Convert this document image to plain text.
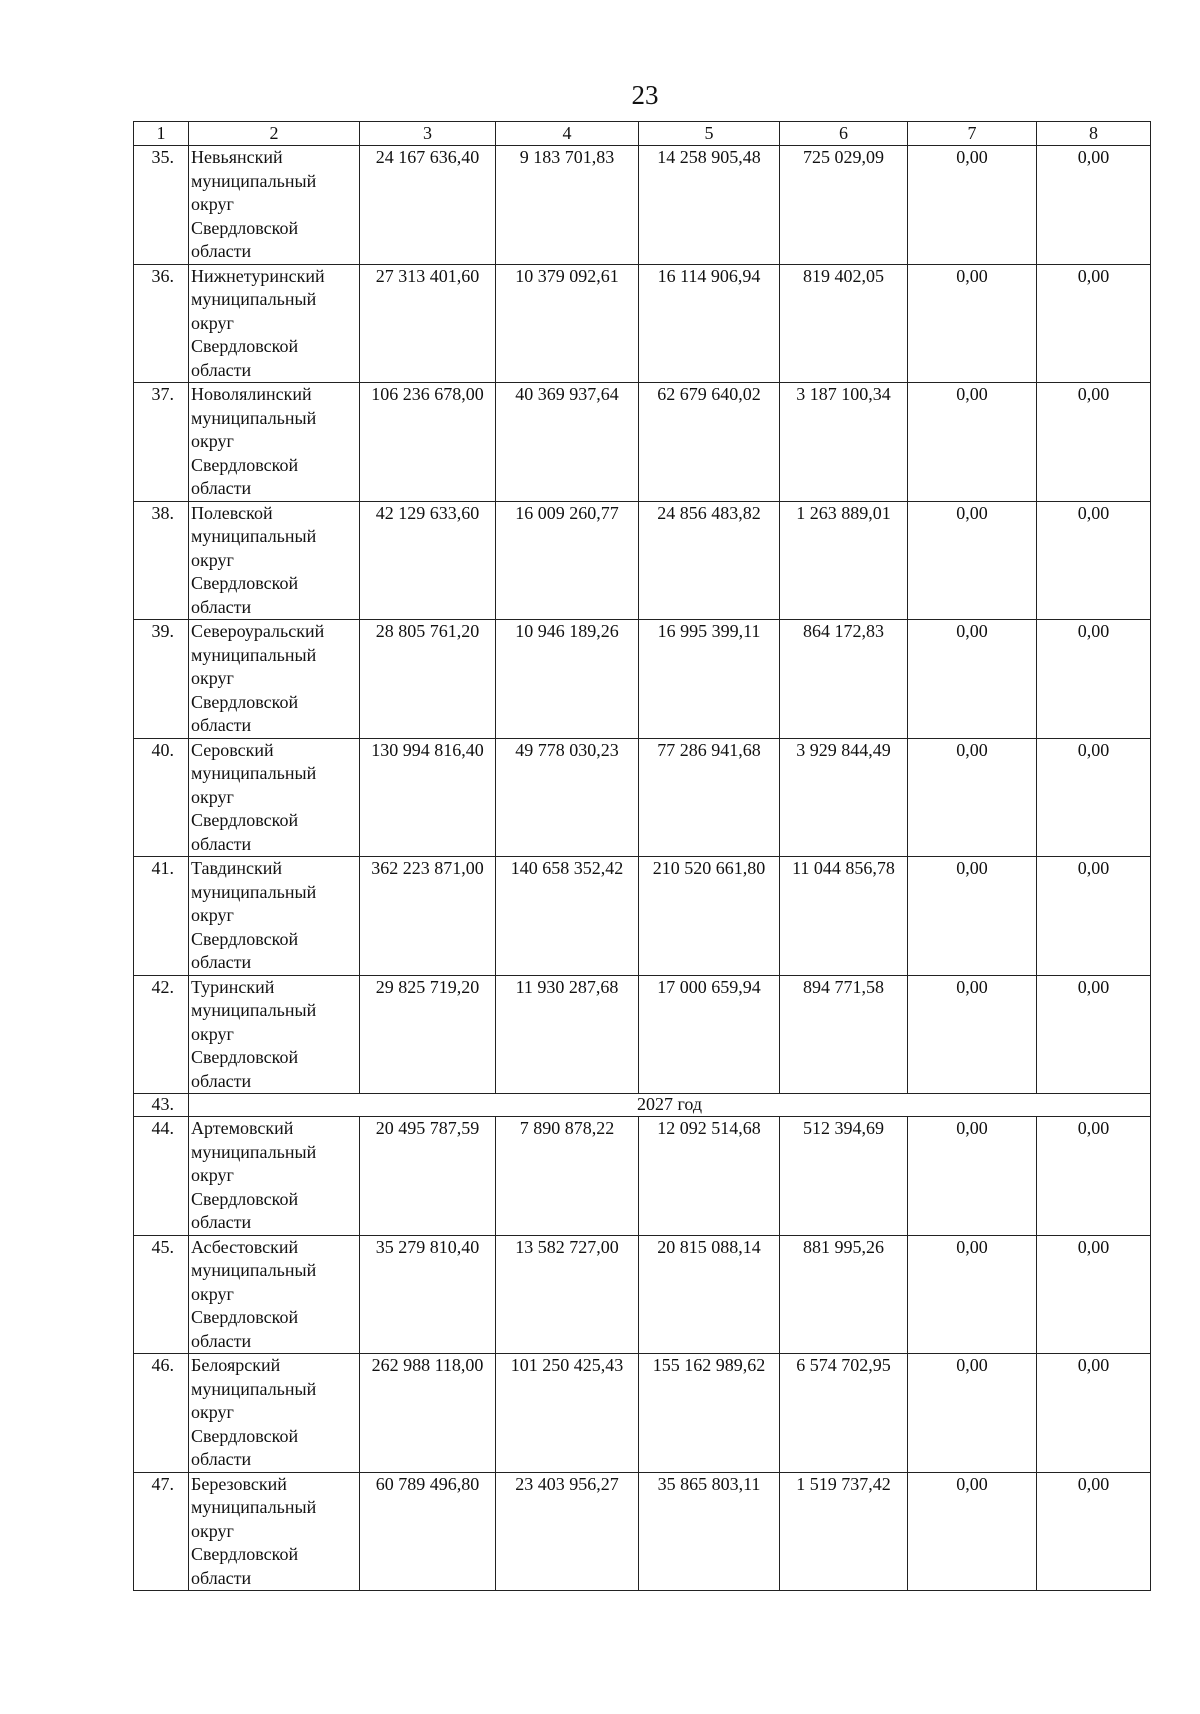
23
1	2	3	4	5	6	7	8
35.	Невьянский
муниципальный
округ
Свердловской
области	24 167 636,40	9 183 701,83	14 258 905,48	725 029,09	0,00	0,00
36.	Нижнетуринский
муниципальный
округ
Свердловской
области	27 313 401,60	10 379 092,61	16 114 906,94	819 402,05	0,00	0,00
37.	Новолялинский
муниципальный
округ
Свердловской
области	106 236 678,00	40 369 937,64	62 679 640,02	3 187 100,34	0,00	0,00
38.	Полевской
муниципальный
округ
Свердловской
области	42 129 633,60	16 009 260,77	24 856 483,82	1 263 889,01	0,00	0,00
39.	Североуральский
муниципальный
округ
Свердловской
области	28 805 761,20	10 946 189,26	16 995 399,11	864 172,83	0,00	0,00
40.	Серовский
муниципальный
округ
Свердловской
области	130 994 816,40	49 778 030,23	77 286 941,68	3 929 844,49	0,00	0,00
41.	Тавдинский
муниципальный
округ
Свердловской
области	362 223 871,00	140 658 352,42	210 520 661,80	11 044 856,78	0,00	0,00
42.	Туринский
муниципальный
округ
Свердловской
области	29 825 719,20	11 930 287,68	17 000 659,94	894 771,58	0,00	0,00
43.	2027 год						
44.	Артемовский
муниципальный
округ
Свердловской
области	20 495 787,59	7 890 878,22	12 092 514,68	512 394,69	0,00	0,00
45.	Асбестовский
муниципальный
округ
Свердловской
области	35 279 810,40	13 582 727,00	20 815 088,14	881 995,26	0,00	0,00
46.	Белоярский
муниципальный
округ
Свердловской
области	262 988 118,00	101 250 425,43	155 162 989,62	6 574 702,95	0,00	0,00
47.	Березовский
муниципальный
округ
Свердловской
области	60 789 496,80	23 403 956,27	35 865 803,11	1 519 737,42	0,00	0,00
